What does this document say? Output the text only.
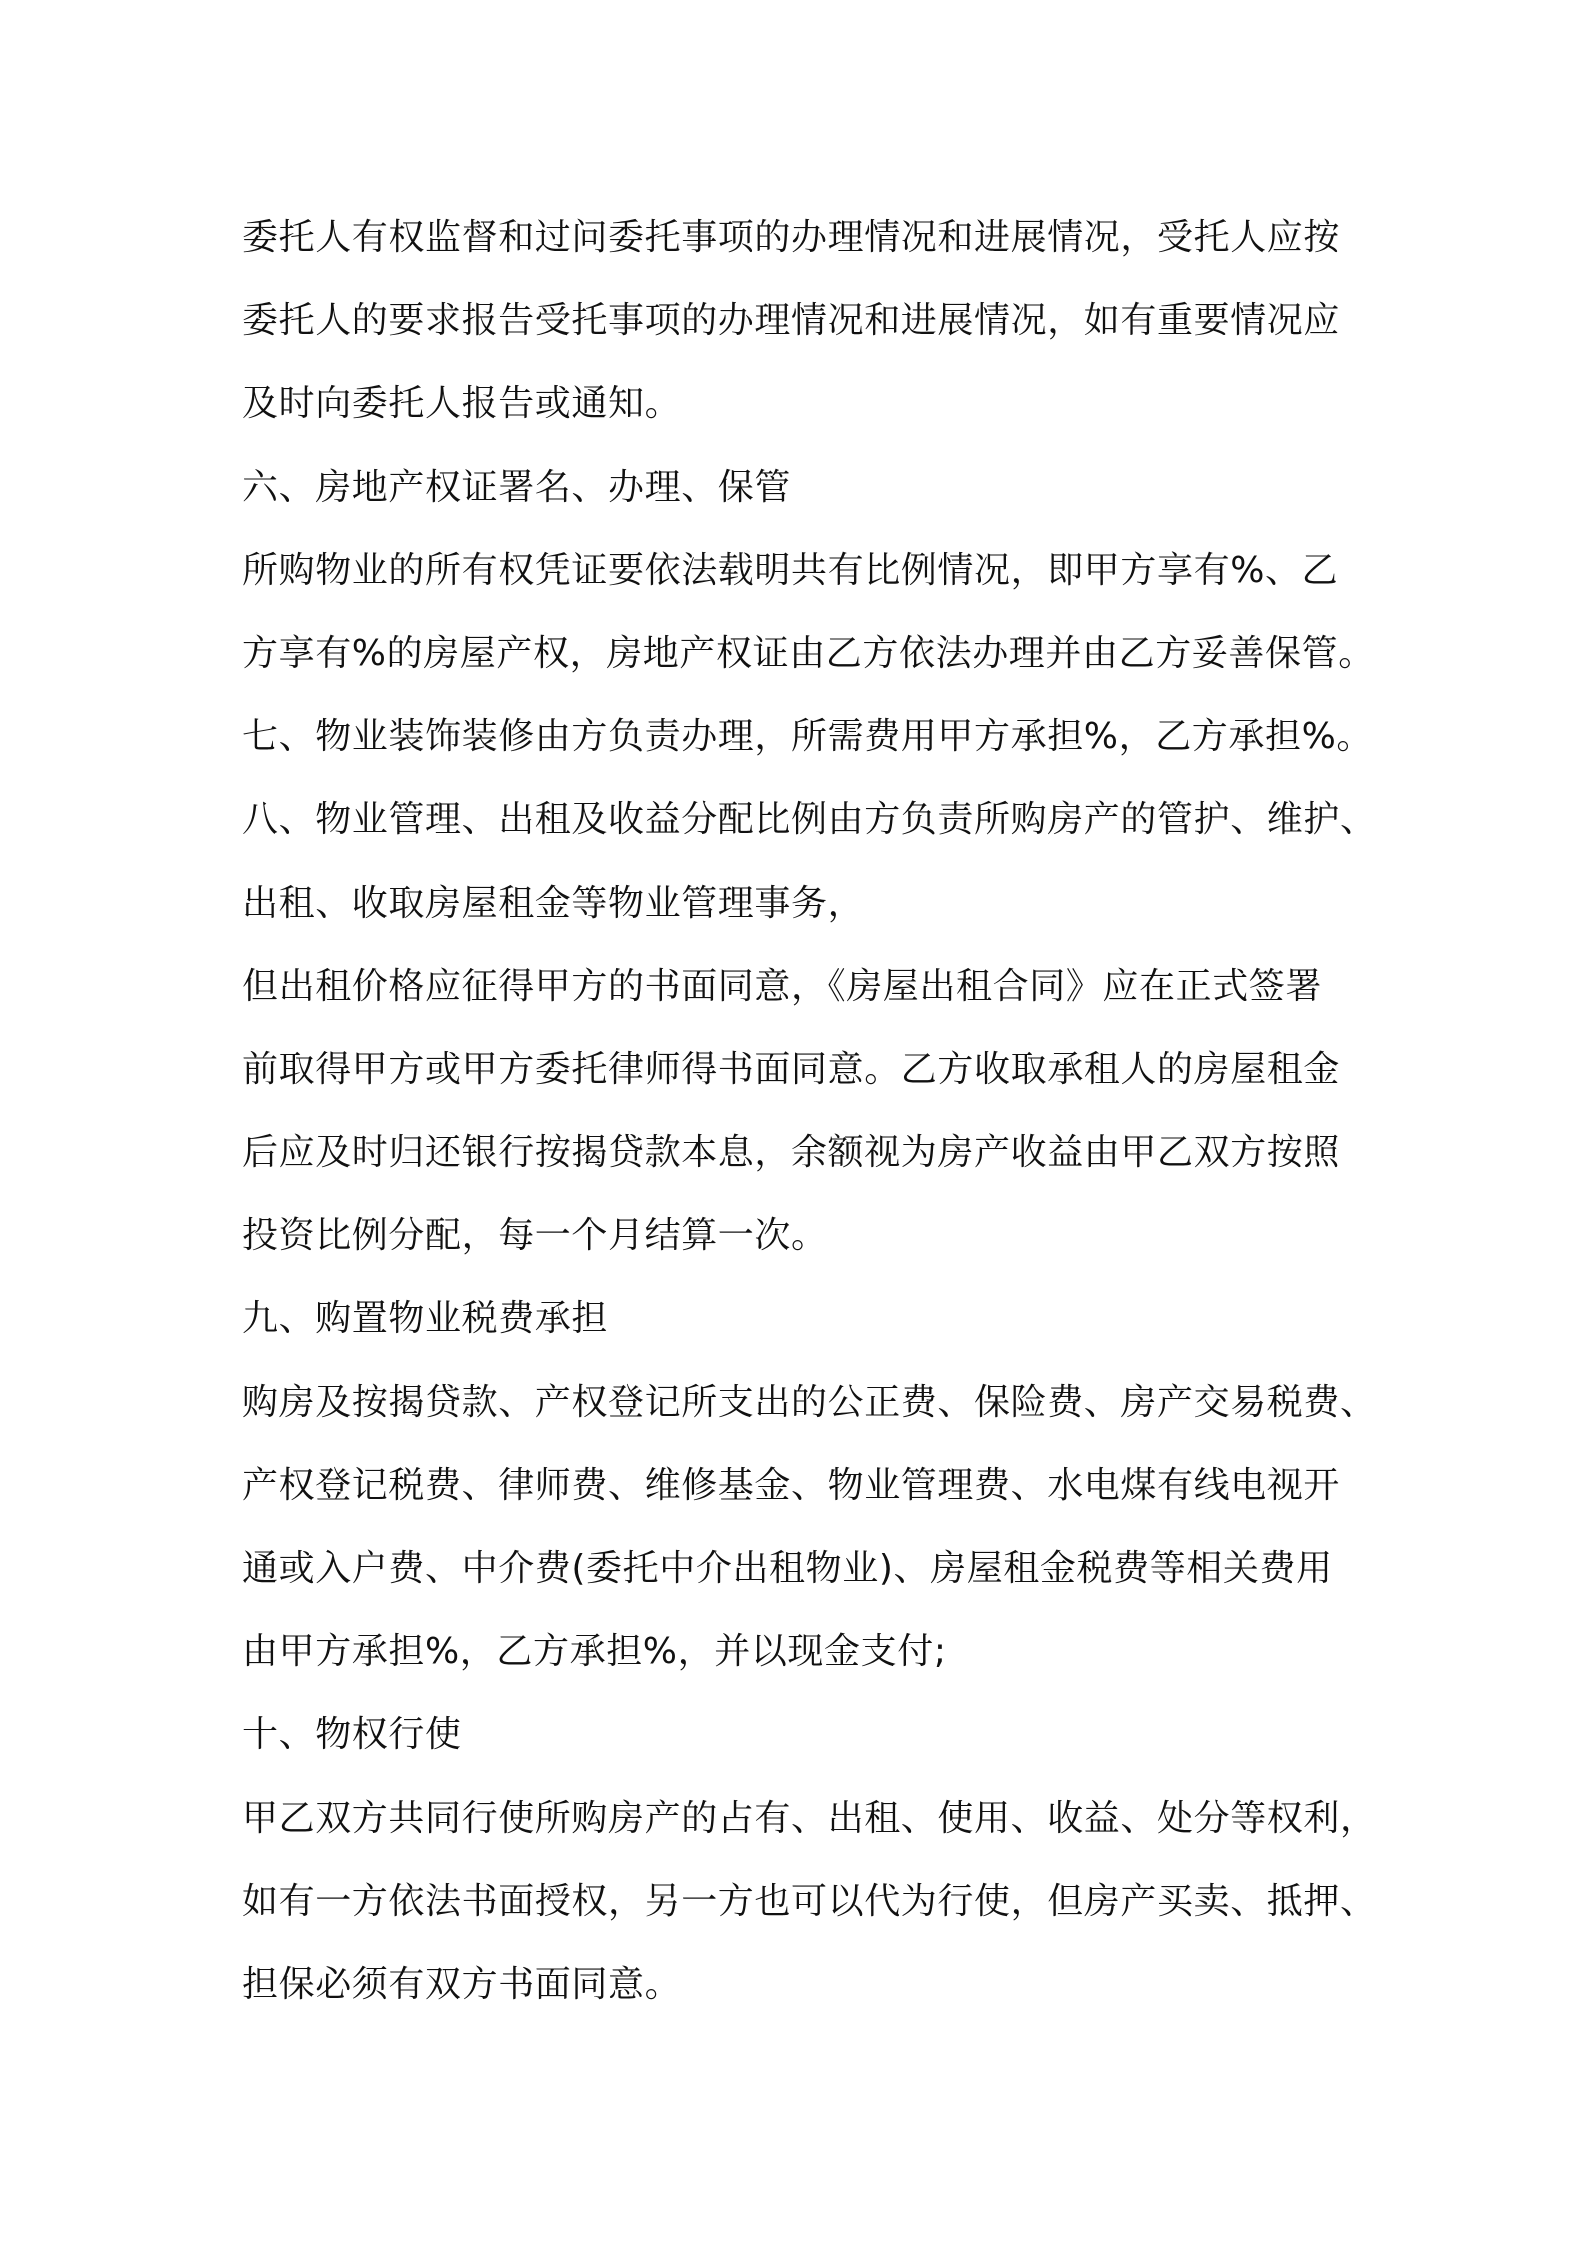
委托人有权监督和过问委托事项的办理情况和进展情况，受托人应按
委托人的要求报告受托事项的办理情况和进展情况，如有重要情况应
及时向委托人报告或通知。
六、房地产权证署名、办理、保管
所购物业的所有权凭证要依法载明共有比例情况，即甲方享有%、乙
方享有%的房屋产权，房地产权证由乙方依法办理并由乙方妥善保管。
七、物业装饰装修由方负责办理，所需费用甲方承担%，乙方承担%。
八、物业管理、出租及收益分配比例由方负责所购房产的管护、维护、
出租、收取房屋租金等物业管理事务，
但出租价格应征得甲方的书面同意，《房屋出租合同》应在正式签署
前取得甲方或甲方委托律师得书面同意。乙方收取承租人的房屋租金
后应及时归还银行按揭贷款本息，余额视为房产收益由甲乙双方按照
投资比例分配，每一个月结算一次。
九、购置物业税费承担
购房及按揭贷款、产权登记所支出的公正费、保险费、房产交易税费、
产权登记税费、律师费、维修基金、物业管理费、水电煤有线电视开
通或入户费、中介费(委托中介出租物业)、房屋租金税费等相关费用
由甲方承担%，乙方承担%，并以现金支付;
十、物权行使
甲乙双方共同行使所购房产的占有、出租、使用、收益、处分等权利，
如有一方依法书面授权，另一方也可以代为行使，但房产买卖、抵押、
担保必须有双方书面同意。
